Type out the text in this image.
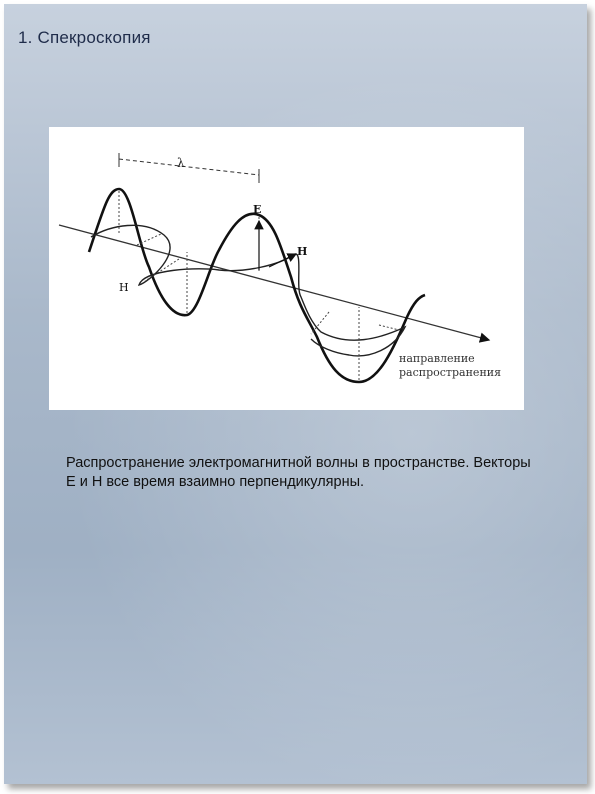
1. Спекроскопия
λ
E
H
H
направление
распространения

Распространение электромагнитной волны в пространстве. Векторы Е и Н все время взаимно перпендикулярны.
